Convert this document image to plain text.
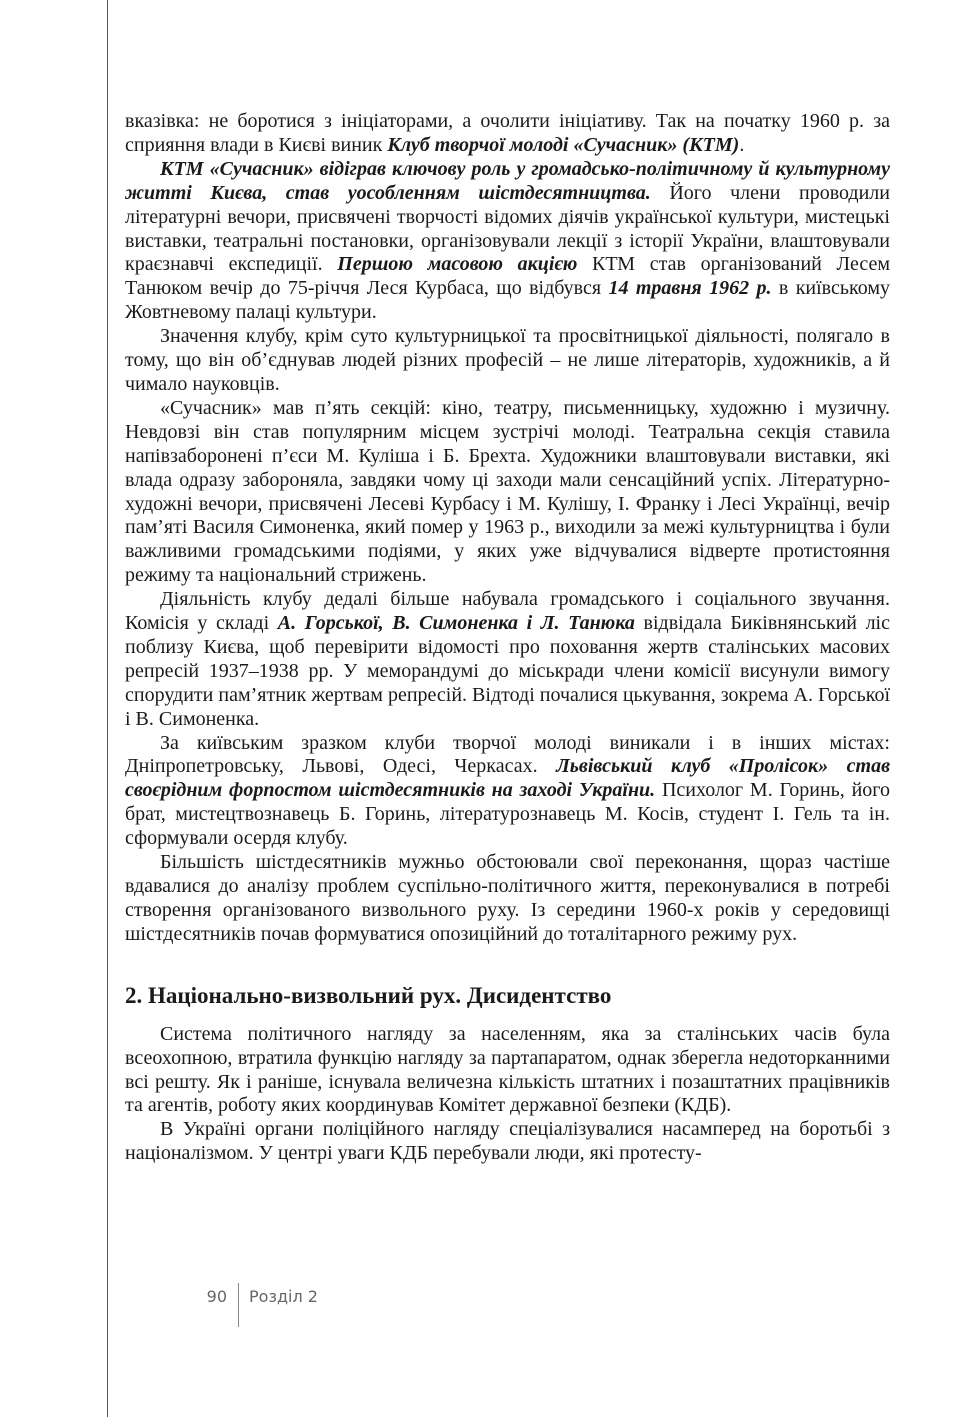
вказівка: не боротися з ініціаторами, а очолити ініціативу. Так на початку 1960 р. за сприяння влади в Києві виник Клуб творчої молоді «Сучасник» (КТМ).

КТМ «Сучасник» відіграв ключову роль у громадсько-політичному й культурному житті Києва, став уособленням шістдесятництва. Його члени проводили літературні вечори, присвячені творчості відомих діячів української культури, мистецькі виставки, театральні постановки, організовували лекції з історії України, влаштовували краєзнавчі експедиції. Першою масовою акцією КТМ став організований Лесем Танюком вечір до 75-річчя Леся Курбаса, що відбувся 14 травня 1962 р. в київському Жовтневому палаці культури.

Значення клубу, крім суто культурницької та просвітницької діяльності, полягало в тому, що він об’єднував людей різних професій – не лише літераторів, художників, а й чимало науковців.

«Сучасник» мав п’ять секцій: кіно, театру, письменницьку, художню і музичну. Невдовзі він став популярним місцем зустрічі молоді. Театральна секція ставила напівзаборонені п’єси М. Куліша і Б. Брехта. Художники влаштовували виставки, які влада одразу забороняла, завдяки чому ці заходи мали сенсаційний успіх. Літературно-художні вечори, присвячені Лесеві Курбасу і М. Кулішу, І. Франку і Лесі Українці, вечір пам’яті Василя Симоненка, який помер у 1963 р., виходили за межі культурництва і були важливими громадськими подіями, у яких уже відчувалися відверте протистояння режиму та національний стрижень.

Діяльність клубу дедалі більше набувала громадського і соціального звучання. Комісія у складі А. Горської, В. Симоненка і Л. Танюка відвідала Биківнянський ліс поблизу Києва, щоб перевірити відомості про поховання жертв сталінських масових репресій 1937–1938 рр. У меморандумі до міськради члени комісії висунули вимогу спорудити пам’ятник жертвам репресій. Відтоді почалися цькування, зокрема А. Горської і В. Симоненка.

За київським зразком клуби творчої молоді виникали і в інших містах: Дніпропетровську, Львові, Одесі, Черкасах. Львівський клуб «Пролісок» став своєрідним форпостом шістдесятників на заході України. Психолог М. Горинь, його брат, мистецтвознавець Б. Горинь, літературознавець М. Косів, студент І. Гель та ін. сформували осердя клубу.

Більшість шістдесятників мужньо обстоювали свої переконання, щораз частіше вдавалися до аналізу проблем суспільно-політичного життя, переконувалися в потребі створення організованого визвольного руху. Із середини 1960-х років у середовищі шістдесятників почав формуватися опозиційний до тоталітарного режиму рух.

2. Національно-визвольний рух. Дисидентство

Система політичного нагляду за населенням, яка за сталінських часів була всеохопною, втратила функцію нагляду за партапаратом, однак зберегла недоторканними всі решту. Як і раніше, існувала величезна кількість штатних і позаштатних працівників та агентів, роботу яких координував Комітет державної безпеки (КДБ).

В Україні органи поліційного нагляду спеціалізувалися насамперед на боротьбі з націоналізмом. У центрі уваги КДБ перебували люди, які протесту-

90 Розділ 2
